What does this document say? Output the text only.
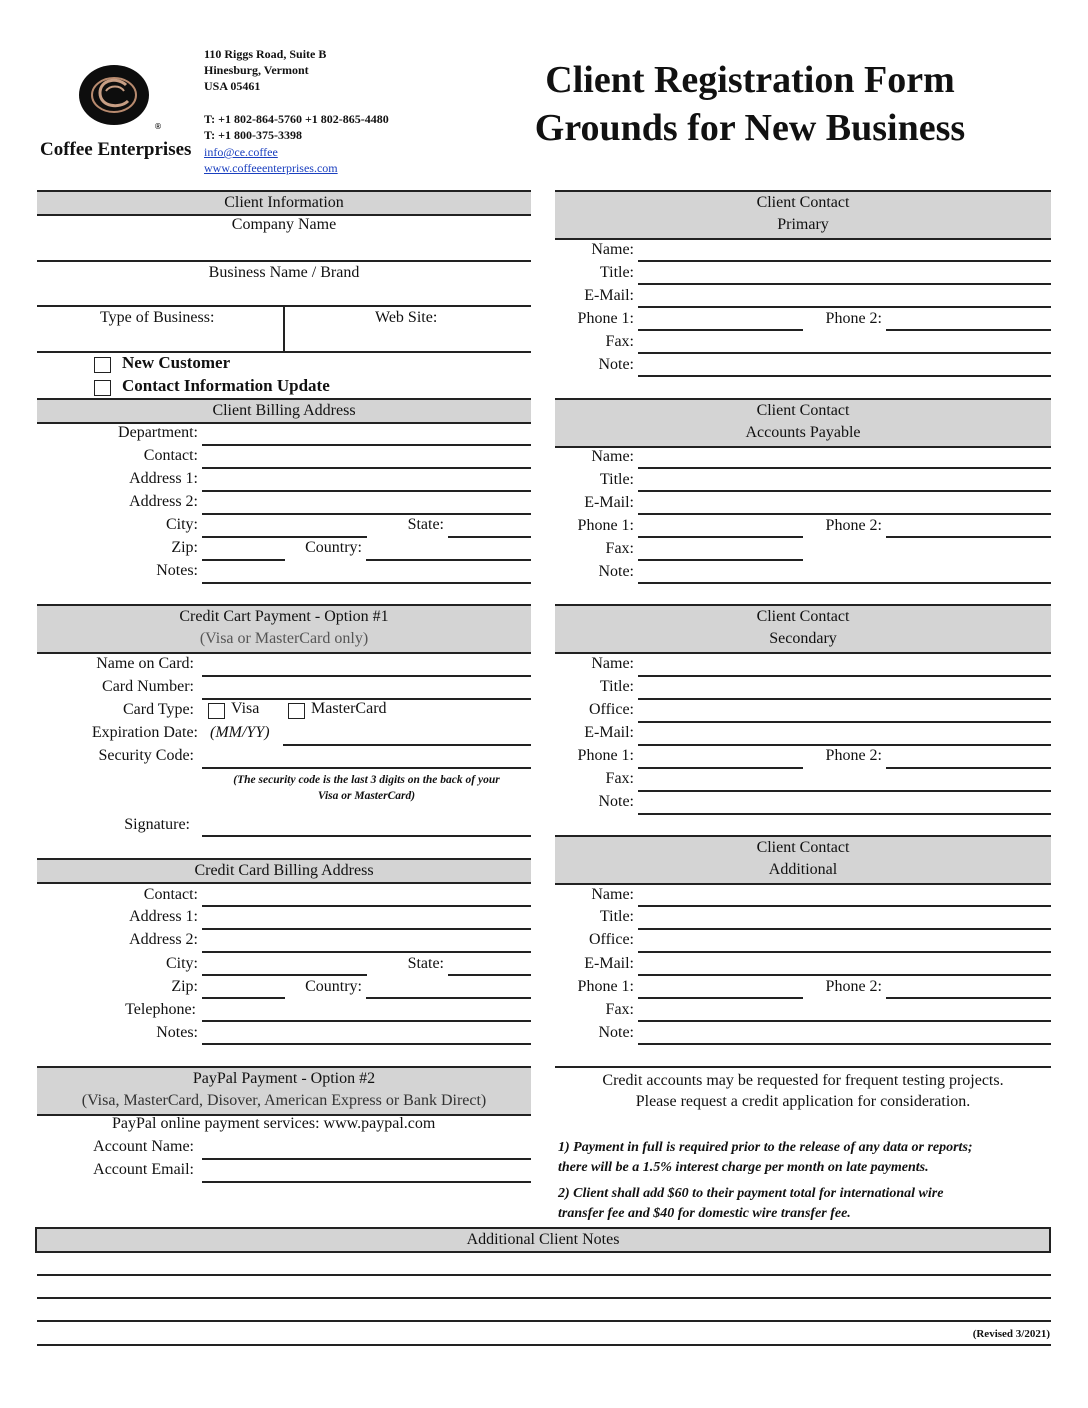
®
Coffee Enterprises
110 Riggs Road, Suite B
Hinesburg, Vermont
USA 05461
T: +1 802-864-5760 +1 802-865-4480
T: +1 800-375-3398
info@ce.coffee
www.coffeeenterprises.com
Client Registration Form
Grounds for New Business
Client Information
Company Name
Business Name / Brand
Type of Business:	Web Site:
New Customer
Contact Information Update
Client Billing Address
Department:
Contact:
Address 1:
Address 2:
City:	State:
Zip:	Country:
Notes:
Credit Cart Payment - Option #1
(Visa or MasterCard only)
Name on Card:
Card Number:
Card Type: Visa	MasterCard
Expiration Date: (MM/YY)
Security Code:
(The security code is the last 3 digits on the back of your
Visa or MasterCard)
Signature:
Credit Card Billing Address
Contact:
Address 1:
Address 2:
City:	State:
Zip:	Country:
Telephone:
Notes:
PayPal Payment - Option #2
(Visa, MasterCard, Disover, American Express or Bank Direct)
PayPal online payment services: www.paypal.com
Account Name:
Account Email:
Client Contact
Primary
Name:
Title:
E-Mail:
Phone 1:	Phone 2:
Fax:
Note:
Client Contact
Accounts Payable
Name:
Title:
E-Mail:
Phone 1:	Phone 2:
Fax:
Note:
Client Contact
Secondary
Name:
Title:
Office:
E-Mail:
Phone 1:	Phone 2:
Fax:
Note:
Client Contact
Additional
Name:
Title:
Office:
E-Mail:
Phone 1:	Phone 2:
Fax:
Note:
Credit accounts may be requested for frequent testing projects.
Please request a credit application for consideration.
1) Payment in full is required prior to the release of any data or reports;
there will be a 1.5% interest charge per month on late payments.
2) Client shall add $60 to their payment total for international wire
transfer fee and $40 for domestic wire transfer fee.
Additional Client Notes
(Revised 3/2021)
